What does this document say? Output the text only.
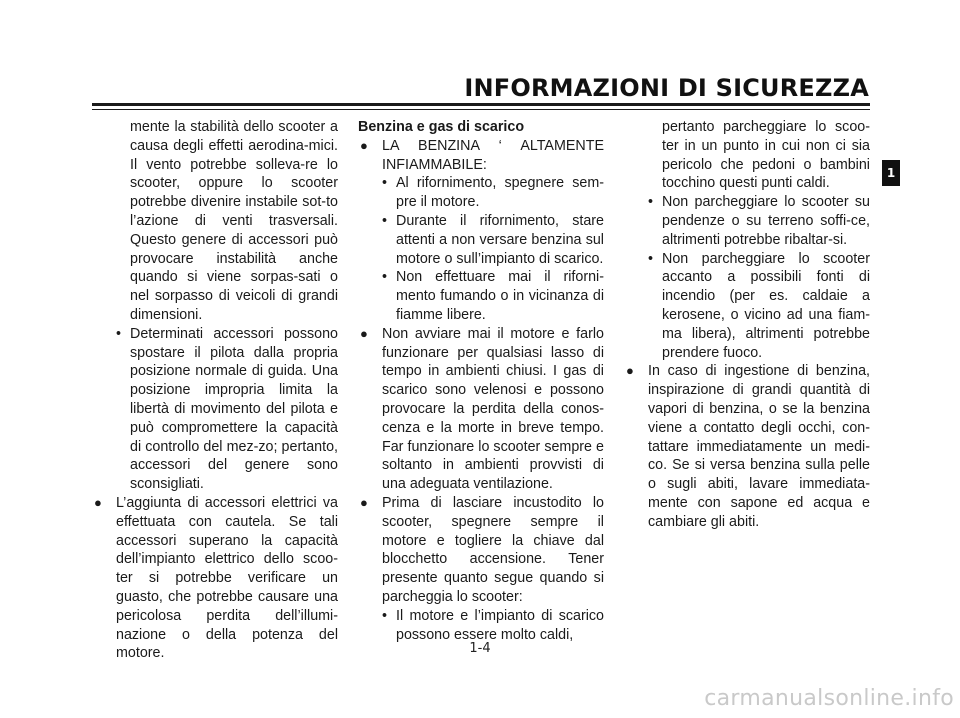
INFORMAZIONI DI SICUREZZA
1

mente la stabilità dello scooter a causa degli effetti aerodina-mici. Il vento potrebbe solleva-re lo scooter, oppure lo scooter potrebbe divenire instabile sot-to l’azione di venti trasversali. Questo genere di accessori può provocare instabilità anche quando si viene sorpas-sati o nel sorpasso di veicoli di grandi dimensioni.

• Determinati accessori possono spostare il pilota dalla propria posizione normale di guida. Una posizione impropria limita la libertà di movimento del pilota e può compromettere la capacità di controllo del mez-zo; pertanto, accessori del genere sono sconsigliati.

● L’aggiunta di accessori elettrici va effettuata con cautela. Se tali accessori superano la capacità dell’impianto elettrico dello scoo-ter si potrebbe verificare un guasto, che potrebbe causare una pericolosa perdita dell’illumi-nazione o della potenza del motore.

Benzina e gas di scarico

● LA BENZINA ‘ ALTAMENTE INFIAMMABILE:

• Al rifornimento, spegnere sem-pre il motore.

• Durante il rifornimento, stare attenti a non versare benzina sul motore o sull’impianto di scarico.

• Non effettuare mai il riforni-mento fumando o in vicinanza di fiamme libere.

● Non avviare mai il motore e farlo funzionare per qualsiasi lasso di tempo in ambienti chiusi. I gas di scarico sono velenosi e possono provocare la perdita della conos-cenza e la morte in breve tempo. Far funzionare lo scooter sempre e soltanto in ambienti provvisti di una adeguata ventilazione.

● Prima di lasciare incustodito lo scooter, spegnere sempre il motore e togliere la chiave dal blocchetto accensione. Tener presente quanto segue quando si parcheggia lo scooter:

• Il motore e l’impianto di scarico possono essere molto caldi,

pertanto parcheggiare lo scoo-ter in un punto in cui non ci sia pericolo che pedoni o bambini tocchino questi punti caldi.

• Non parcheggiare lo scooter su pendenze o su terreno soffi-ce, altrimenti potrebbe ribaltar-si.

• Non parcheggiare lo scooter accanto a possibili fonti di incendio (per es. caldaie a kerosene, o vicino ad una fiam-ma libera), altrimenti potrebbe prendere fuoco.

● In caso di ingestione di benzina, inspirazione di grandi quantità di vapori di benzina, o se la benzina viene a contatto degli occhi, con-tattare immediatamente un medi-co. Se si versa benzina sulla pelle o sugli abiti, lavare immediata-mente con sapone ed acqua e cambiare gli abiti.

1-4
carmanualsonline.info
